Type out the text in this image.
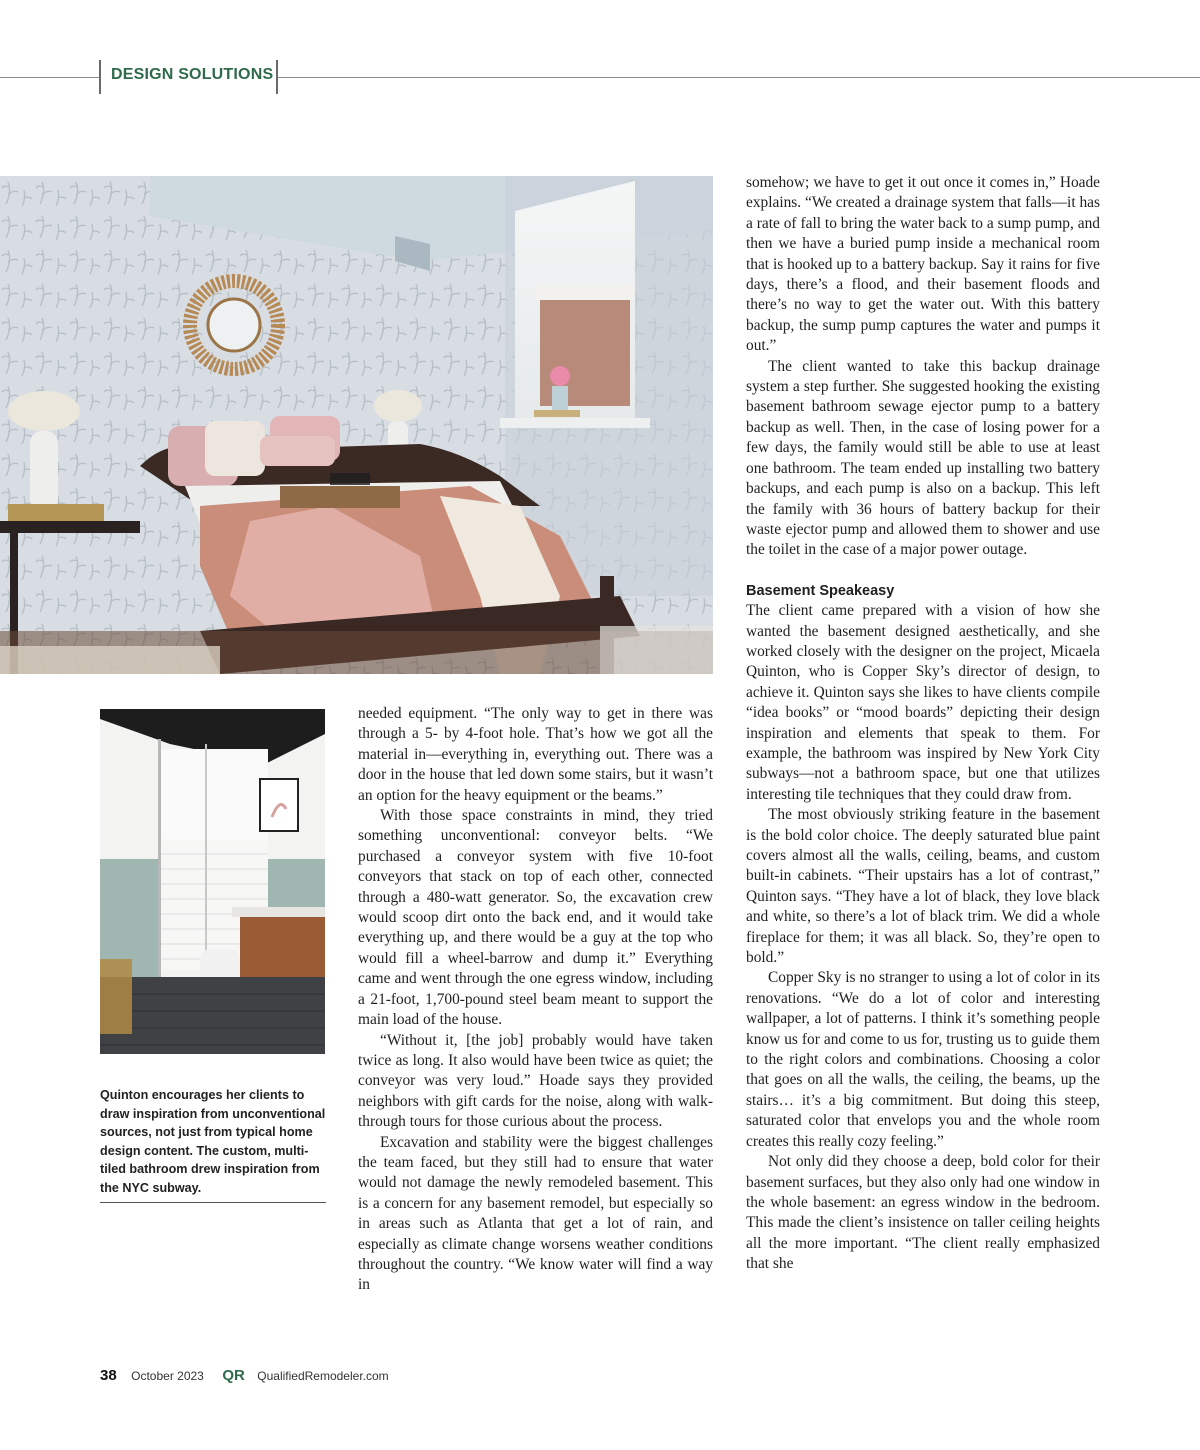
DESIGN SOLUTIONS
Quinton encourages her clients to draw inspiration from unconventional sources, not just from typical home design content. The custom, multi-tiled bathroom drew inspiration from the NYC subway.

needed equipment. “The only way to get in there was through a 5- by 4-foot hole. That’s how we got all the material in—everything in, everything out. There was a door in the house that led down some stairs, but it wasn’t an option for the heavy equipment or the beams.”

With those space constraints in mind, they tried something unconventional: conveyor belts. “We purchased a conveyor system with five 10-foot conveyors that stack on top of each other, connected through a 480-watt generator. So, the excavation crew would scoop dirt onto the back end, and it would take everything up, and there would be a guy at the top who would fill a wheel-barrow and dump it.” Everything came and went through the one egress window, including a 21-foot, 1,700-pound steel beam meant to support the main load of the house.

“Without it, [the job] probably would have taken twice as long. It also would have been twice as quiet; the conveyor was very loud.” Hoade says they provided neighbors with gift cards for the noise, along with walk-through tours for those curious about the process.

Excavation and stability were the biggest challenges the team faced, but they still had to ensure that water would not damage the newly remodeled basement. This is a concern for any basement remodel, but especially so in areas such as Atlanta that get a lot of rain, and especially as climate change worsens weather conditions throughout the country. “We know water will find a way in

somehow; we have to get it out once it comes in,” Hoade explains. “We created a drainage system that falls—it has a rate of fall to bring the water back to a sump pump, and then we have a buried pump inside a mechanical room that is hooked up to a battery backup. Say it rains for five days, there’s a flood, and their basement floods and there’s no way to get the water out. With this battery backup, the sump pump captures the water and pumps it out.”

The client wanted to take this backup drainage system a step further. She suggested hooking the existing basement bathroom sewage ejector pump to a battery backup as well. Then, in the case of losing power for a few days, the family would still be able to use at least one bathroom. The team ended up installing two battery backups, and each pump is also on a backup. This left the family with 36 hours of battery backup for their waste ejector pump and allowed them to shower and use the toilet in the case of a major power outage.

Basement Speakeasy

The client came prepared with a vision of how she wanted the basement designed aesthetically, and she worked closely with the designer on the project, Micaela Quinton, who is Copper Sky’s director of design, to achieve it. Quinton says she likes to have clients compile “idea books” or “mood boards” depicting their design inspiration and elements that speak to them. For example, the bathroom was inspired by New York City subways—not a bathroom space, but one that utilizes interesting tile techniques that they could draw from.

The most obviously striking feature in the basement is the bold color choice. The deeply saturated blue paint covers almost all the walls, ceiling, beams, and custom built-in cabinets. “Their upstairs has a lot of contrast,” Quinton says. “They have a lot of black, they love black and white, so there’s a lot of black trim. We did a whole fireplace for them; it was all black. So, they’re open to bold.”

Copper Sky is no stranger to using a lot of color in its renovations. “We do a lot of color and interesting wallpaper, a lot of patterns. I think it’s something people know us for and come to us for, trusting us to guide them to the right colors and combinations. Choosing a color that goes on all the walls, the ceiling, the beams, up the stairs… it’s a big commitment. But doing this steep, saturated color that envelops you and the whole room creates this really cozy feeling.”

Not only did they choose a deep, bold color for their basement surfaces, but they also only had one window in the whole basement: an egress window in the bedroom. This made the client’s insistence on taller ceiling heights all the more important. “The client really emphasized that she

38 October 2023 QR QualifiedRemodeler.com
